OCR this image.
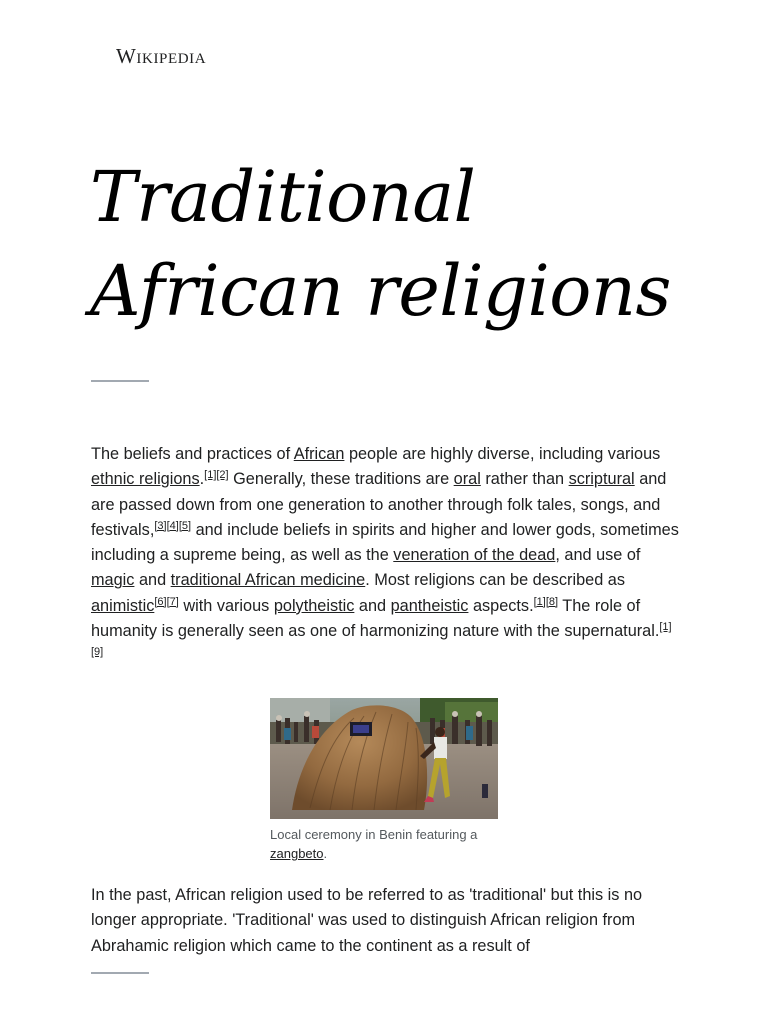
Wikipedia
Traditional
African religions

The beliefs and practices of African people are highly diverse, including various ethnic religions.[1][2] Generally, these traditions are oral rather than scriptural and are passed down from one generation to another through folk tales, songs, and festivals,[3][4][5] and include beliefs in spirits and higher and lower gods, sometimes including a supreme being, as well as the veneration of the dead, and use of magic and traditional African medicine. Most religions can be described as animistic[6][7] with various polytheistic and pantheistic aspects.[1][8] The role of humanity is generally seen as one of harmonizing nature with the supernatural.[1][9]

Local ceremony in Benin featuring a zangbeto.

In the past, African religion used to be referred to as 'traditional' but this is no longer appropriate. 'Traditional' was used to distinguish African religion from Abrahamic religion which came to the continent as a result of
